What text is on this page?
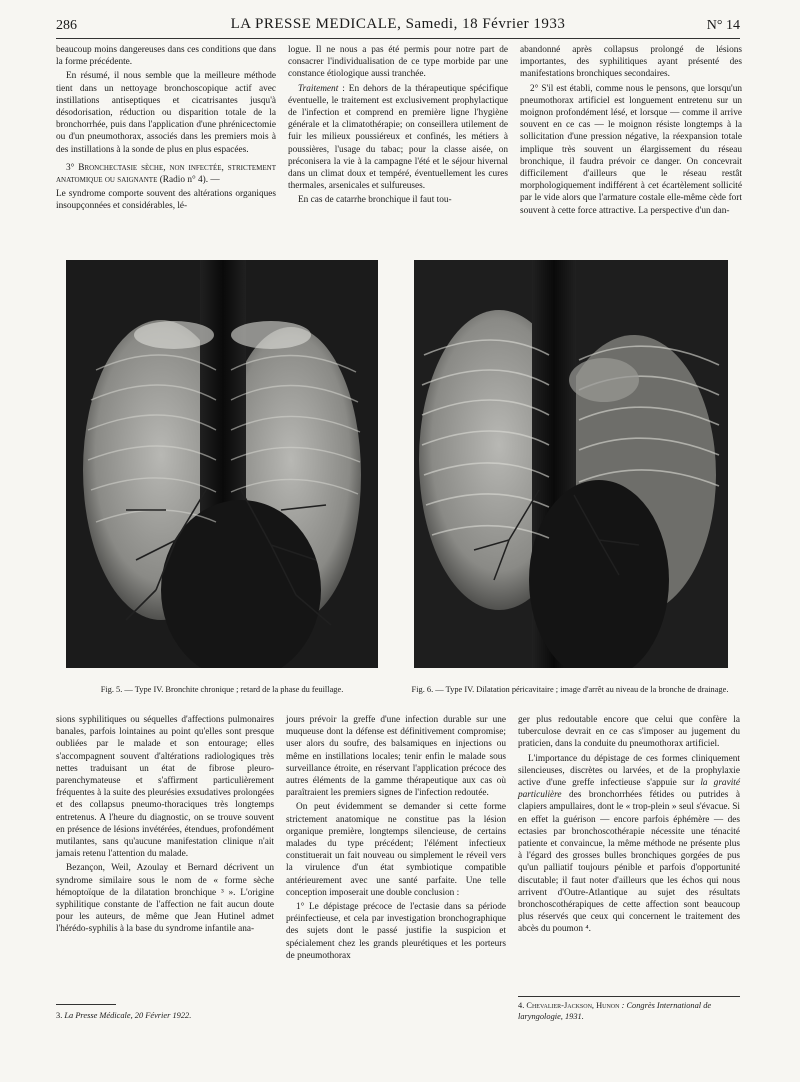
286	LA PRESSE MEDICALE, Samedi, 18 Février 1933	N° 14

beaucoup moins dangereuses dans ces conditions que dans la forme précédente.

En résumé, il nous semble que la meilleure méthode tient dans un nettoyage bronchoscopique actif avec instillations antiseptiques et cicatrisantes jusqu'à désodorisation, réduction ou disparition totale de la bronchorrhée, puis dans l'application d'une phrénicectomie ou d'un pneumothorax, associés dans les premiers mois à des instillations à la sonde de plus en plus espacées.

3° Bronchectasie sèche, non infectée, strictement anatomique ou saignante (Radio n° 4). —

Le syndrome comporte souvent des altérations organiques insoupçonnées et considérables, lé-

logue. Il ne nous a pas été permis pour notre part de consacrer l'individualisation de ce type morbide par une constance étiologique aussi tranchée.

Traitement : En dehors de la thérapeutique spécifique éventuelle, le traitement est exclusivement prophylactique de l'infection et comprend en première ligne l'hygiène générale et la climatothérapie; on conseillera utilement de fuir les milieux poussiéreux et confinés, les métiers à poussières, l'usage du tabac; pour la classe aisée, on préconisera la vie à la campagne l'été et le séjour hivernal dans un climat doux et tempéré, éventuellement les cures thermales, arsenicales et sulfureuses.

En cas de catarrhe bronchique il faut tou-

abandonné après collapsus prolongé de lésions importantes, des syphilitiques ayant présenté des manifestations bronchiques secondaires.

2° S'il est établi, comme nous le pensons, que lorsqu'un pneumothorax artificiel est longuement entretenu sur un moignon profondément lésé, et lorsque — comme il arrive souvent en ce cas — le moignon résiste longtemps à la sollicitation d'une pression négative, la réexpansion totale implique très souvent un élargissement du réseau bronchique, il faudra prévoir ce danger. On concevrait difficilement d'ailleurs que le réseau restât morphologiquement indifférent à cet écartèlement sollicité par le vide alors que l'armature costale elle-même cède fort souvent à cette force attractive. La perspective d'un dan-

Fig. 5. — Type IV. Bronchite chronique ; retard de la phase du feuillage.	Fig. 6. — Type IV. Dilatation péricavitaire ; image d'arrêt au niveau de la bronche de drainage.

sions syphilitiques ou séquelles d'affections pulmonaires banales, parfois lointaines au point qu'elles sont presque oubliées par le malade et son entourage; elles s'accompagnent souvent d'altérations radiologiques très nettes traduisant un état de fibrose pleuro-parenchymateuse et s'affirment particulièrement fréquentes à la suite des pleurésies exsudatives prolongées et des collapsus pneumo-thoraciques très longtemps entretenus. A l'heure du diagnostic, on se trouve souvent en présence de lésions invétérées, étendues, profondément mutilantes, sans qu'aucune manifestation clinique n'ait jamais retenu l'attention du malade.

Bezançon, Weil, Azoulay et Bernard décrivent un syndrome similaire sous le nom de « forme sèche hémoptoïque de la dilatation bronchique ³ ». L'origine syphilitique constante de l'affection ne fait aucun doute pour les auteurs, de même que Jean Hutinel admet l'hérédo-syphilis à la base du syndrome infantile ana-

jours prévoir la greffe d'une infection durable sur une muqueuse dont la défense est définitivement compromise; user alors du soufre, des balsamiques en injections ou même en instillations locales; tenir enfin le malade sous surveillance étroite, en réservant l'application précoce des autres éléments de la gamme thérapeutique aux cas où paraîtraient les premiers signes de l'infection redoutée.

On peut évidemment se demander si cette forme strictement anatomique ne constitue pas la lésion organique première, longtemps silencieuse, de certains malades du type précédent; l'élément infectieux constituerait un fait nouveau ou simplement le réveil vers la virulence d'un état symbiotique compatible antérieurement avec une santé parfaite. Une telle conception imposerait une double conclusion :

1° Le dépistage précoce de l'ectasie dans sa période préinfectieuse, et cela par investigation bronchographique des sujets dont le passé justifie la suspicion et spécialement chez les grands pleurétiques et les porteurs de pneumothorax

ger plus redoutable encore que celui que confère la tuberculose devrait en ce cas s'imposer au jugement du praticien, dans la conduite du pneumothorax artificiel.

L'importance du dépistage de ces formes cliniquement silencieuses, discrètes ou larvées, et de la prophylaxie active d'une greffe infectieuse s'appuie sur la gravité particulière des bronchorrhées fétides ou putrides à clapiers ampullaires, dont le « trop-plein » seul s'évacue. Si en effet la guérison — encore parfois éphémère — des ectasies par bronchoscothérapie nécessite une ténacité patiente et convaincue, la même méthode ne présente plus à l'égard des grosses bulles bronchiques gorgées de pus qu'un palliatif toujours pénible et parfois d'opportunité discutable; il faut noter d'ailleurs que les échos qui nous arrivent d'Outre-Atlantique au sujet des résultats bronchoscothérapiques de cette affection sont beaucoup plus réservés que ceux qui concernent le traitement des abcès du poumon ⁴.

3. La Presse Médicale, 20 Février 1922.
4. Chevalier-Jackson, Hunon : Congrès International de laryngologie, 1931.
